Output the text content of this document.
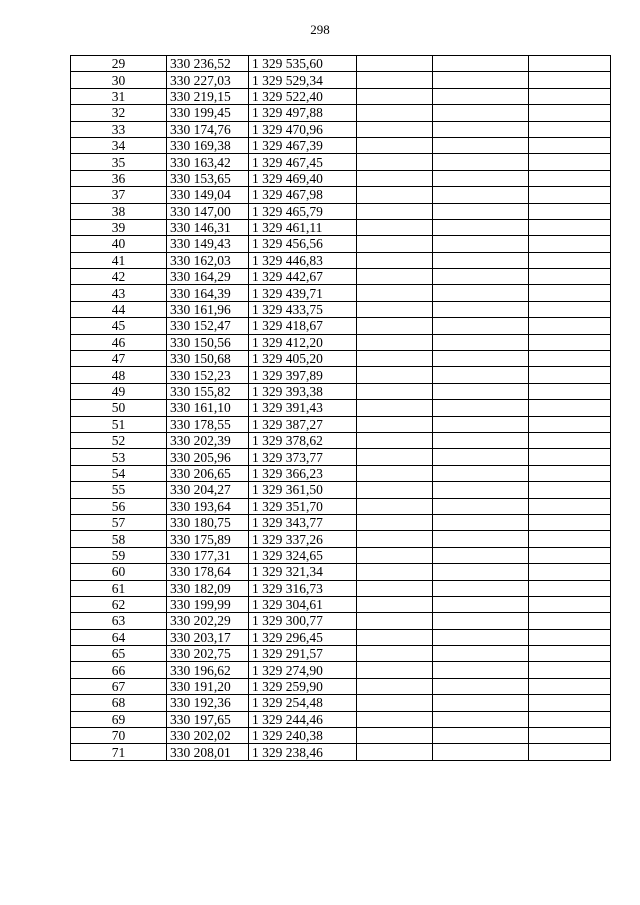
298
29	330 236,52	1 329 535,60			
30	330 227,03	1 329 529,34			
31	330 219,15	1 329 522,40			
32	330 199,45	1 329 497,88			
33	330 174,76	1 329 470,96			
34	330 169,38	1 329 467,39			
35	330 163,42	1 329 467,45			
36	330 153,65	1 329 469,40			
37	330 149,04	1 329 467,98			
38	330 147,00	1 329 465,79			
39	330 146,31	1 329 461,11			
40	330 149,43	1 329 456,56			
41	330 162,03	1 329 446,83			
42	330 164,29	1 329 442,67			
43	330 164,39	1 329 439,71			
44	330 161,96	1 329 433,75			
45	330 152,47	1 329 418,67			
46	330 150,56	1 329 412,20			
47	330 150,68	1 329 405,20			
48	330 152,23	1 329 397,89			
49	330 155,82	1 329 393,38			
50	330 161,10	1 329 391,43			
51	330 178,55	1 329 387,27			
52	330 202,39	1 329 378,62			
53	330 205,96	1 329 373,77			
54	330 206,65	1 329 366,23			
55	330 204,27	1 329 361,50			
56	330 193,64	1 329 351,70			
57	330 180,75	1 329 343,77			
58	330 175,89	1 329 337,26			
59	330 177,31	1 329 324,65			
60	330 178,64	1 329 321,34			
61	330 182,09	1 329 316,73			
62	330 199,99	1 329 304,61			
63	330 202,29	1 329 300,77			
64	330 203,17	1 329 296,45			
65	330 202,75	1 329 291,57			
66	330 196,62	1 329 274,90			
67	330 191,20	1 329 259,90			
68	330 192,36	1 329 254,48			
69	330 197,65	1 329 244,46			
70	330 202,02	1 329 240,38			
71	330 208,01	1 329 238,46			
